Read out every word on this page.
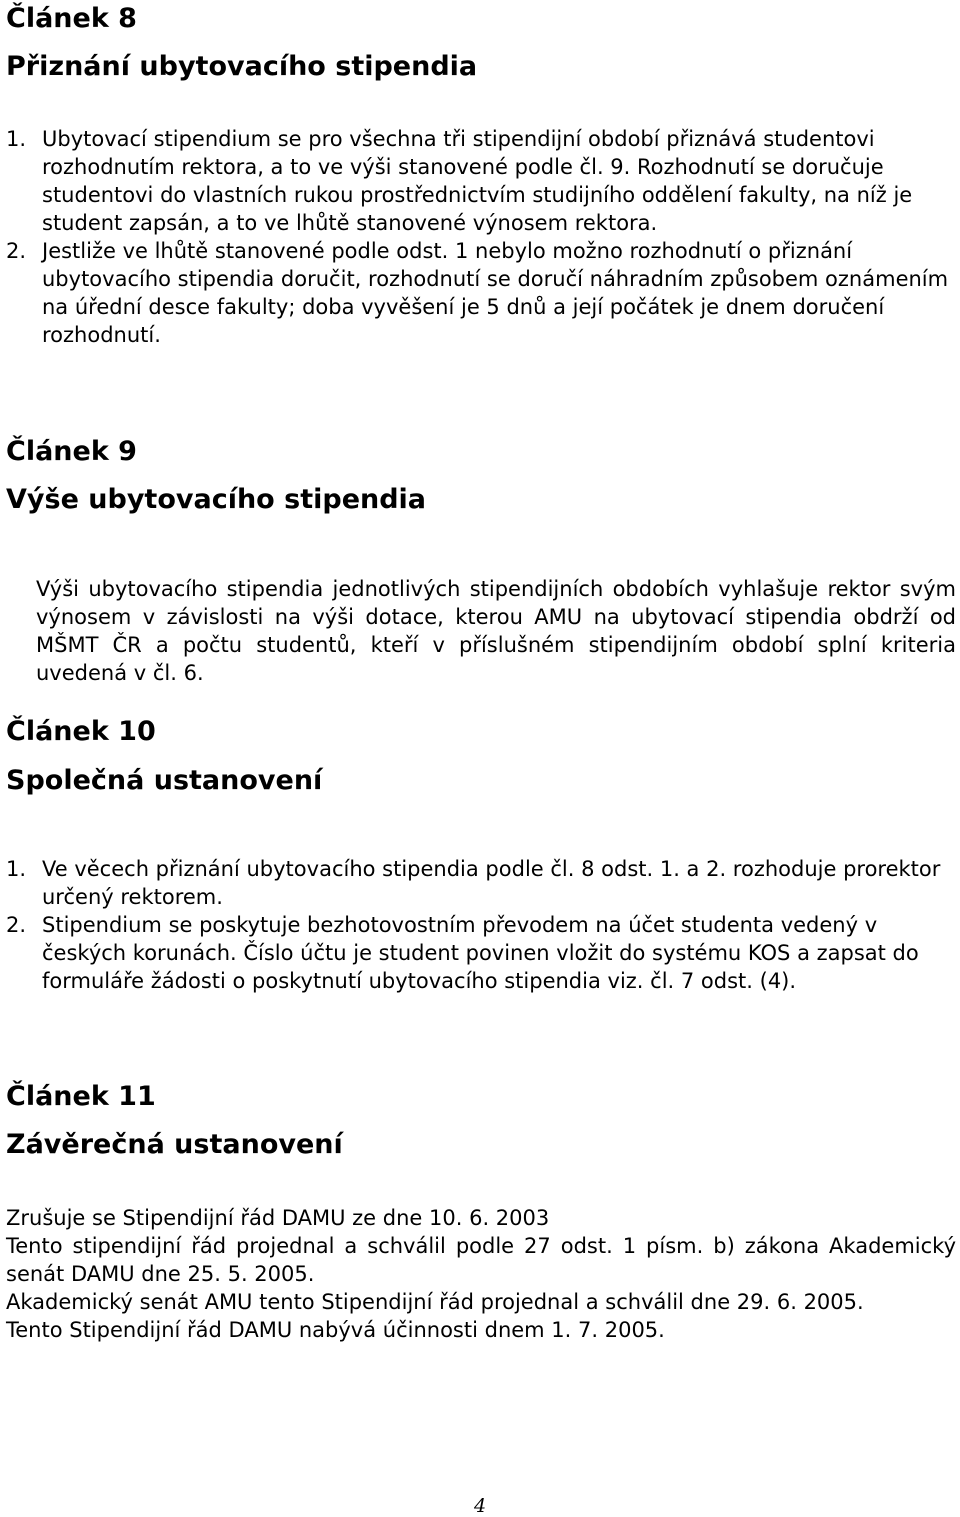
Článek 8
Přiznání ubytovacího stipendia
1. Ubytovací stipendium se pro všechna tři stipendijní období přiznává studentovi rozhodnutím rektora, a to ve výši stanovené podle čl. 9. Rozhodnutí se doručuje studentovi do vlastních rukou prostřednictvím studijního oddělení fakulty, na níž je student zapsán, a to ve lhůtě stanovené výnosem rektora.
2. Jestliže ve lhůtě stanovené podle odst. 1 nebylo možno rozhodnutí o přiznání ubytovacího stipendia doručit, rozhodnutí se doručí náhradním způsobem oznámením na úřední desce fakulty; doba vyvěšení je 5 dnů a její počátek je dnem doručení rozhodnutí.
Článek 9
Výše ubytovacího stipendia

Výši ubytovacího stipendia jednotlivých stipendijních obdobích vyhlašuje rektor svým výnosem v závislosti na výši dotace, kterou AMU na ubytovací stipendia obdrží od MŠMT ČR a počtu studentů, kteří v příslušném stipendijním období splní kriteria uvedená v čl. 6.

Článek 10
Společná ustanovení
1. Ve věcech přiznání ubytovacího stipendia podle čl. 8 odst. 1. a 2. rozhoduje prorektor určený rektorem.
2. Stipendium se poskytuje bezhotovostním převodem na účet studenta vedený v českých korunách. Číslo účtu je student povinen vložit do systému KOS a zapsat do formuláře žádosti o poskytnutí ubytovacího stipendia viz. čl. 7 odst. (4).
Článek 11
Závěrečná ustanovení

Zrušuje se Stipendijní řád DAMU ze dne 10. 6. 2003

Tento stipendijní řád projednal a schválil podle 27 odst. 1 písm. b) zákona Akademický senát DAMU dne 25. 5. 2005.

Akademický senát AMU tento Stipendijní řád projednal a schválil dne 29. 6. 2005.

Tento Stipendijní řád DAMU nabývá účinnosti dnem 1. 7. 2005.

4
